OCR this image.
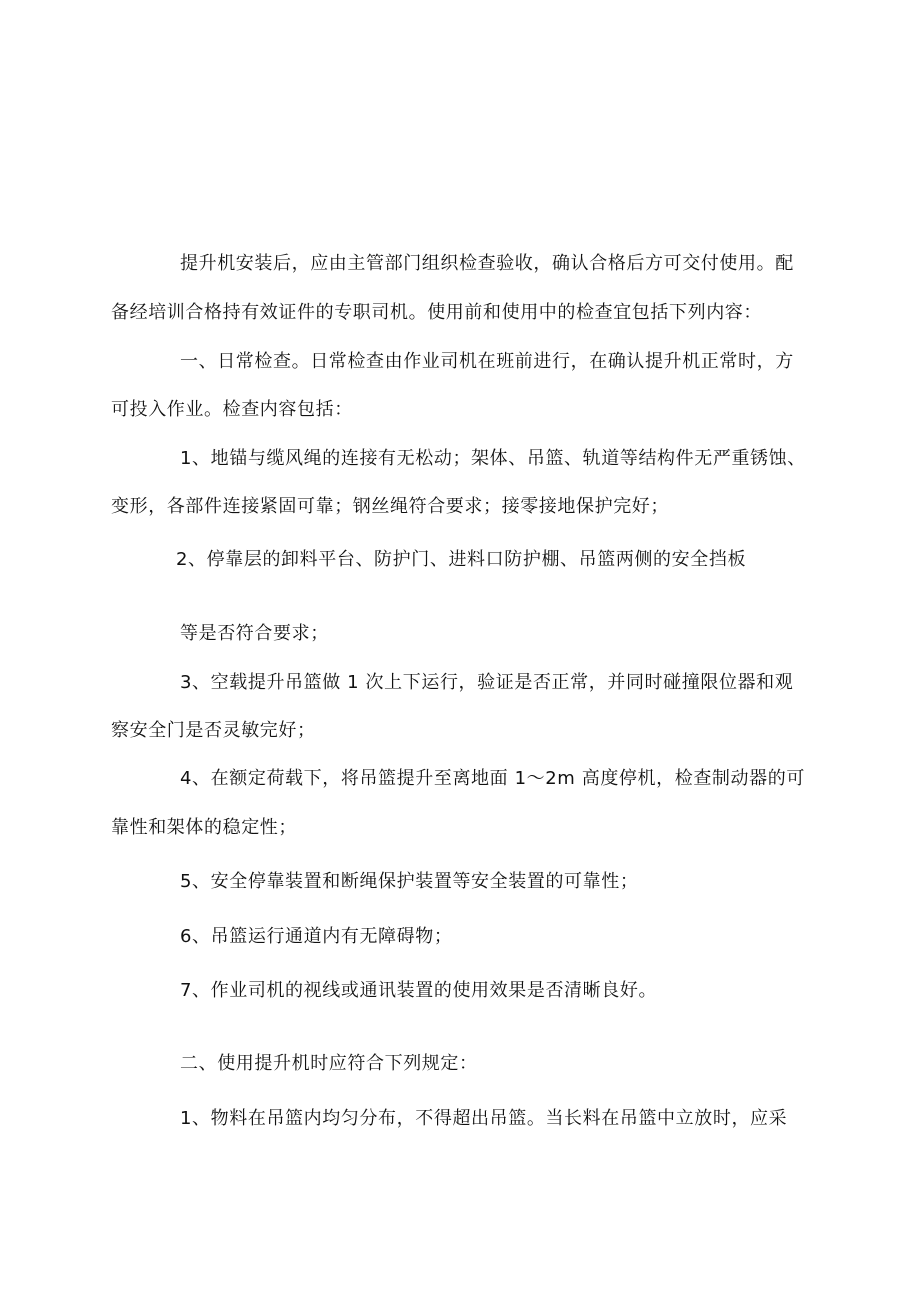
提升机安装后，应由主管部门组织检查验收，确认合格后方可交付使用。配

备经培训合格持有效证件的专职司机。使用前和使用中的检查宜包括下列内容：

一、日常检查。日常检查由作业司机在班前进行，在确认提升机正常时，方

可投入作业。检查内容包括：

1、地锚与缆风绳的连接有无松动；架体、吊篮、轨道等结构件无严重锈蚀、

变形，各部件连接紧固可靠；钢丝绳符合要求；接零接地保护完好；

2、停靠层的卸料平台、防护门、进料口防护棚、吊篮两侧的安全挡板

等是否符合要求；

3、空载提升吊篮做 1 次上下运行，验证是否正常，并同时碰撞限位器和观

察安全门是否灵敏完好；

4、在额定荷载下，将吊篮提升至离地面 1～2m 高度停机，检查制动器的可

靠性和架体的稳定性；

5、安全停靠装置和断绳保护装置等安全装置的可靠性；

6、吊篮运行通道内有无障碍物；

7、作业司机的视线或通讯装置的使用效果是否清晰良好。

二、使用提升机时应符合下列规定：

1、物料在吊篮内均匀分布，不得超出吊篮。当长料在吊篮中立放时，应采
